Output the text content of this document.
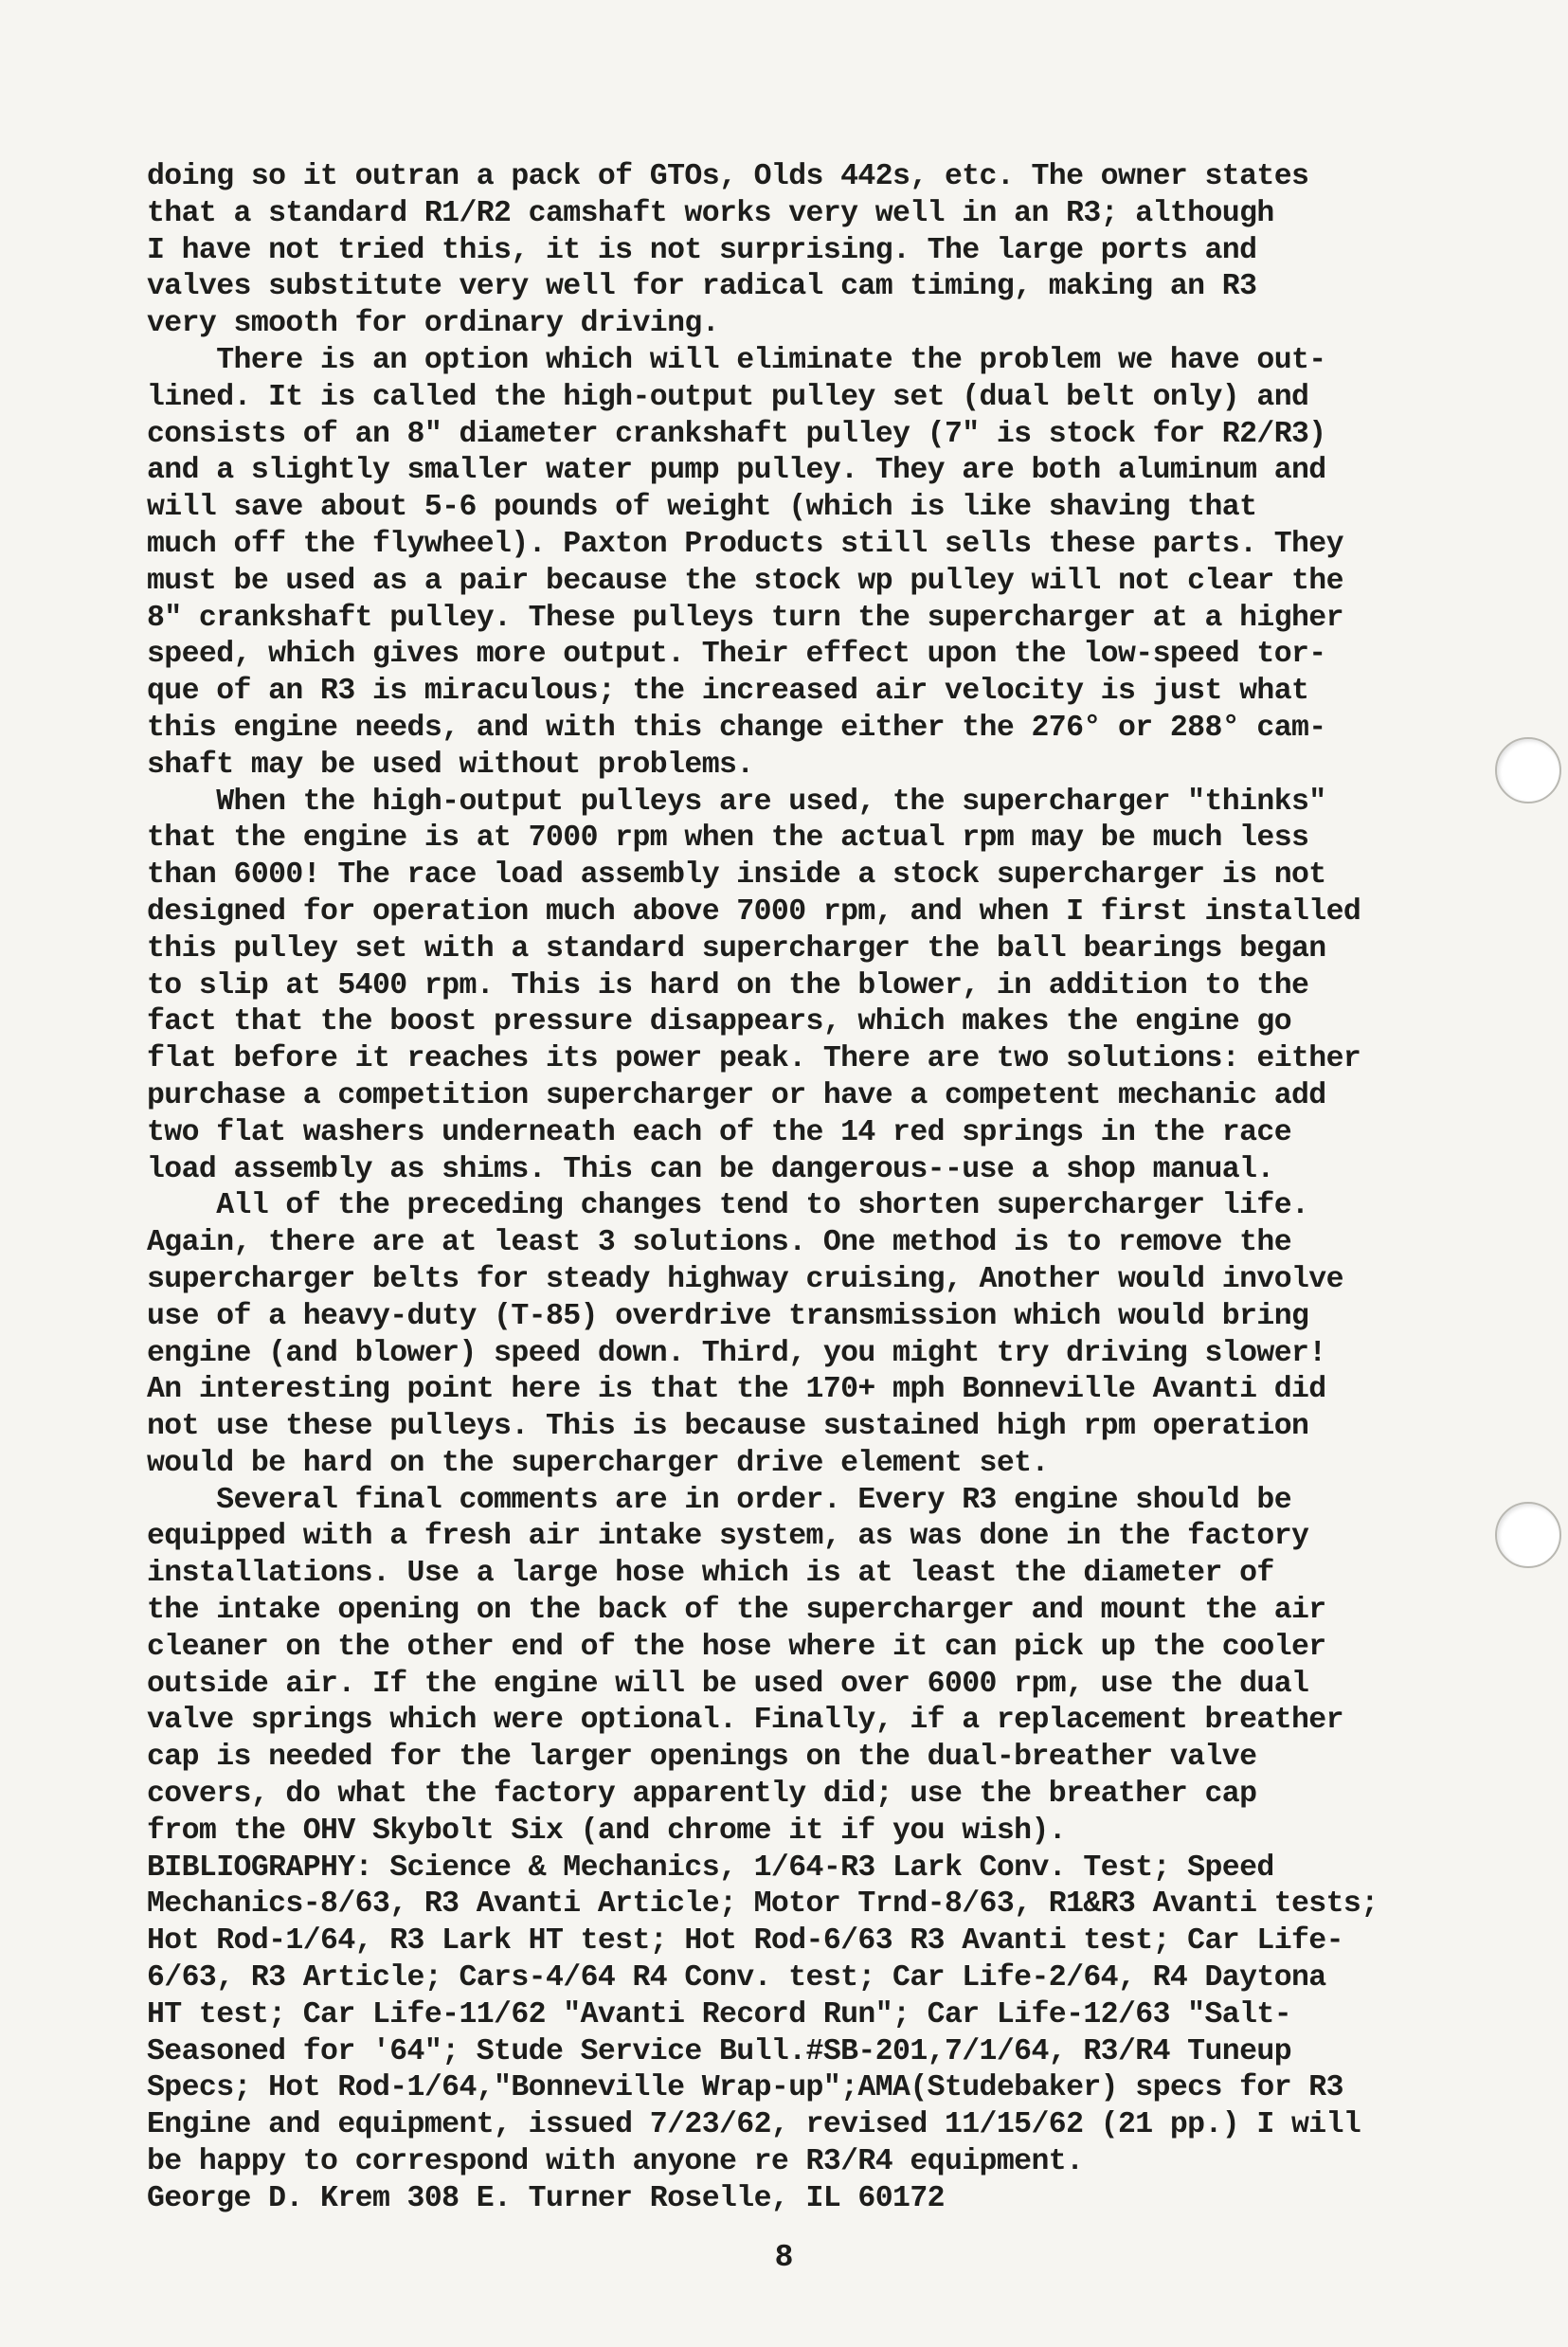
doing so it outran a pack of GTOs, Olds 442s, etc. The owner states
that a standard R1/R2 camshaft works very well in an R3; although
I have not tried this, it is not surprising. The large ports and
valves substitute very well for radical cam timing, making an R3
very smooth for ordinary driving.
There is an option which will eliminate the problem we have out-
lined. It is called the high-output pulley set (dual belt only) and
consists of an 8" diameter crankshaft pulley (7" is stock for R2/R3)
and a slightly smaller water pump pulley. They are both aluminum and
will save about 5-6 pounds of weight (which is like shaving that
much off the flywheel). Paxton Products still sells these parts. They
must be used as a pair because the stock wp pulley will not clear the
8" crankshaft pulley. These pulleys turn the supercharger at a higher
speed, which gives more output. Their effect upon the low-speed tor-
que of an R3 is miraculous; the increased air velocity is just what
this engine needs, and with this change either the 276° or 288° cam-
shaft may be used without problems.
When the high-output pulleys are used, the supercharger "thinks"
that the engine is at 7000 rpm when the actual rpm may be much less
than 6000! The race load assembly inside a stock supercharger is not
designed for operation much above 7000 rpm, and when I first installed
this pulley set with a standard supercharger the ball bearings began
to slip at 5400 rpm. This is hard on the blower, in addition to the
fact that the boost pressure disappears, which makes the engine go
flat before it reaches its power peak. There are two solutions: either
purchase a competition supercharger or have a competent mechanic add
two flat washers underneath each of the 14 red springs in the race
load assembly as shims. This can be dangerous--use a shop manual.
All of the preceding changes tend to shorten supercharger life.
Again, there are at least 3 solutions. One method is to remove the
supercharger belts for steady highway cruising, Another would involve
use of a heavy-duty (T-85) overdrive transmission which would bring
engine (and blower) speed down. Third, you might try driving slower!
An interesting point here is that the 170+ mph Bonneville Avanti did
not use these pulleys. This is because sustained high rpm operation
would be hard on the supercharger drive element set.
Several final comments are in order. Every R3 engine should be
equipped with a fresh air intake system, as was done in the factory
installations. Use a large hose which is at least the diameter of
the intake opening on the back of the supercharger and mount the air
cleaner on the other end of the hose where it can pick up the cooler
outside air. If the engine will be used over 6000 rpm, use the dual
valve springs which were optional. Finally, if a replacement breather
cap is needed for the larger openings on the dual-breather valve
covers, do what the factory apparently did; use the breather cap
from the OHV Skybolt Six (and chrome it if you wish).
BIBLIOGRAPHY: Science & Mechanics, 1/64-R3 Lark Conv. Test; Speed
Mechanics-8/63, R3 Avanti Article; Motor Trnd-8/63, R1&R3 Avanti tests;
Hot Rod-1/64, R3 Lark HT test; Hot Rod-6/63 R3 Avanti test; Car Life-
6/63, R3 Article; Cars-4/64 R4 Conv. test; Car Life-2/64, R4 Daytona
HT test; Car Life-11/62 "Avanti Record Run"; Car Life-12/63 "Salt-
Seasoned for '64"; Stude Service Bull.#SB-201,7/1/64, R3/R4 Tuneup
Specs; Hot Rod-1/64,"Bonneville Wrap-up";AMA(Studebaker) specs for R3
Engine and equipment, issued 7/23/62, revised 11/15/62 (21 pp.) I will
be happy to correspond with anyone re R3/R4 equipment.
George D. Krem 308 E. Turner Roselle, IL 60172
8
